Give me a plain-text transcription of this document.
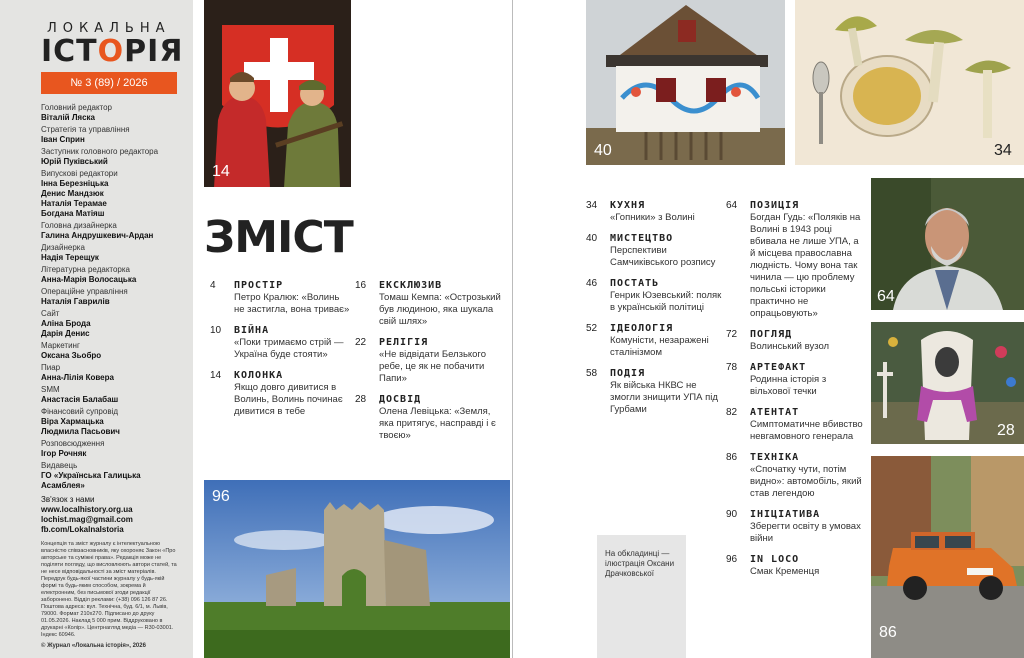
ЛОКАЛЬНА
ІСТОРІЯ
№ 3 (89) / 2026
Головний редактор
Віталій Ляска
Стратегія та управління
Іван Сприн
Заступник головного редактора
Юрій Пуківський
Випускові редактори
Інна Березніцька
Денис Мандзюк
Наталія Терамае
Богдана Матіяш
Головна дизайнерка
Галина Андрушкевич-Ардан
Дизайнерка
Надія Терещук
Літературна редакторка
Анна-Марія Волосацька
Операційне управління
Наталія Гаврилів
Сайт
Аліна Брода
Дарія Денис
Маркетинг
Оксана Зьобро
Пиар
Анна-Лілія Ковера
SMM
Анастасія Балабаш
Фінансовий супровід
Віра Хармацька
Людмила Пасьович
Розповсюдження
Ігор Рочняк
Видавець
ГО «Українська Галицька
Асамблея»
Зв'язок з нами
www.localhistory.org.ua
lochist.mag@gmail.com
fb.com/LokalnaIstoria
Концепція та зміст журналу є інтелектуальною власністю співзасновників, яку охороняє Закон «Про авторське та суміжні права». Редакція може не поділяти погляду, що висловлюють автори статей, та не несе відповідальності за зміст матеріалів. Передрук будь-якої частини журналу у будь-якій формі та будь-яким способом, зокрема й електронним, без письмової згоди редакції заборонено. Відділ реклами: (+38) 096 126 87 26. Поштова адреса: вул. Технічна, буд. 6/1, м. Львів, 79000. Формат 210х270. Підписано до друку 01.05.2026. Наклад 5 000 прим. Віддруковано в друкарні «Колір». Центрнагляд медіа — R30-03001. Індекс 60946.
© Журнал «Локальна історія», 2026
14
ЗМІСТ
4	ПРОСТІР
Петро Кралюк: «Волинь не застигла, вона триває»
10	ВІЙНА
«Поки тримаємо стрій — Україна буде стояти»
14	КОЛОНКА
Якщо довго дивитися в Волинь, Волинь починає дивитися в тебе
16	ЕКСКЛЮЗИВ
Томаш Кемпа: «Острозький був людиною, яка шукала свій шлях»
22	РЕЛІГІЯ
«Не відвідати Белзького ребе, це як не побачити Папи»
28	ДОСВІД
Олена Левіцька: «Земля, яка притягує, насправді і є твоєю»
96
40	34
34	КУХНЯ
«Гопники» з Волині
40	МИСТЕЦТВО
Перспективи Самчиківського розпису
46	ПОСТАТЬ
Генрик Юзевський: поляк в українській політиці
52	ІДЕОЛОГІЯ
Комуністи, незаражені сталінізмом
58	ПОДІЯ
Як війська НКВС не змогли знищити УПА під Гурбами
64	ПОЗИЦІЯ
Богдан Гудь: «Поляків на Волині в 1943 році вбивала не лише УПА, а й місцева православна людність. Чому вона так чинила — цю проблему польські історики практично не опрацьовують»
72	ПОГЛЯД
Волинський вузол
78	АРТЕФАКТ
Родинна історія з вільхової течки
82	АТЕНТАТ
Симптоматичне вбивство невгамовного генерала
86	ТЕХНІКА
«Спочатку чути, потім видно»: автомобіль, який став легендою
90	ІНІЦІАТИВА
Зберегти освіту в умовах війни
96	IN LOCO
Смак Кременця
На обкладинці — ілюстрація Оксани Драчковської
64
28
86
